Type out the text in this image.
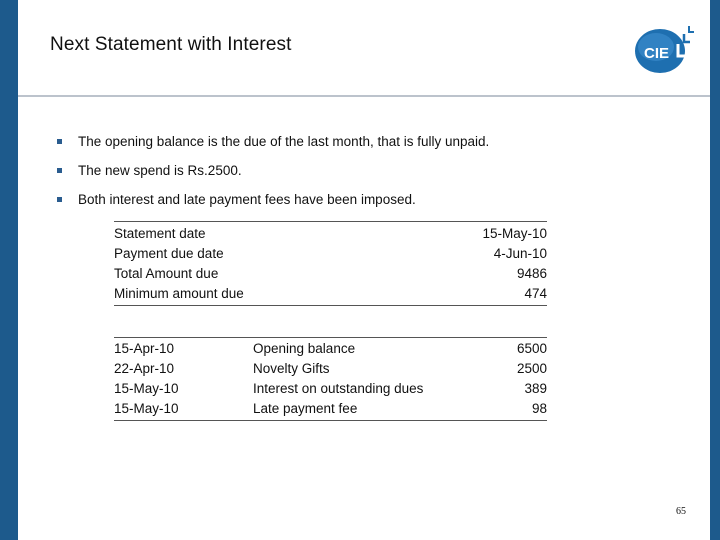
Next Statement with Interest	CIE
The opening balance is the due of the last month, that is fully unpaid.
The new spend is Rs.2500.
Both interest and late payment fees have been imposed.
Statement date	15-May-10
Payment due date	4-Jun-10
Total Amount due	9486
Minimum amount due	474
15-Apr-10	Opening balance	6500
22-Apr-10	Novelty Gifts	2500
15-May-10	Interest on outstanding dues	389
15-May-10	Late payment fee	98
65
